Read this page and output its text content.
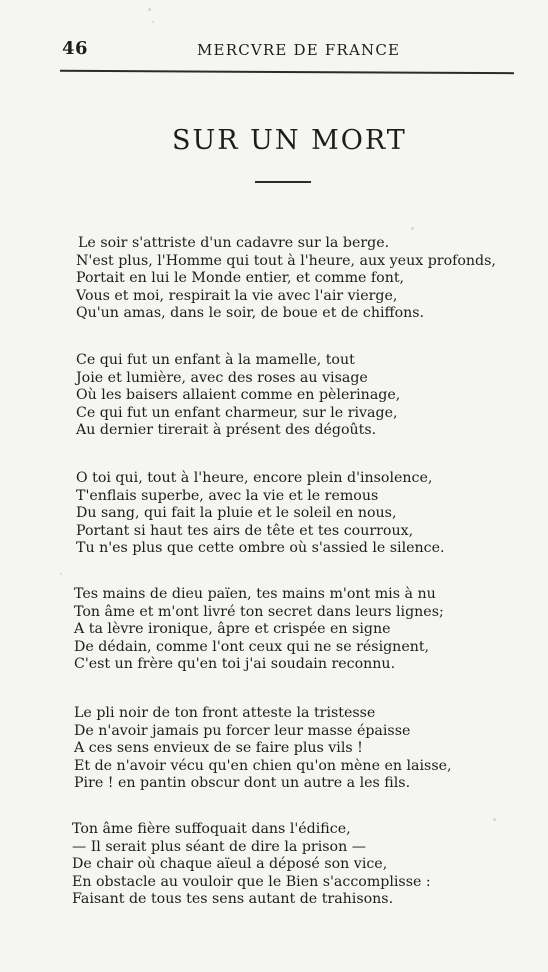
46	MERCVRE DE FRANCE
SUR UN MORT
Le soir s'attriste d'un cadavre sur la berge.
N'est plus, l'Homme qui tout à l'heure, aux yeux profonds,
Portait en lui le Monde entier, et comme font,
Vous et moi, respirait la vie avec l'air vierge,
Qu'un amas, dans le soir, de boue et de chiffons.
Ce qui fut un enfant à la mamelle, tout
Joie et lumière, avec des roses au visage
Où les baisers allaient comme en pèlerinage,
Ce qui fut un enfant charmeur, sur le rivage,
Au dernier tirerait à présent des dégoûts.
O toi qui, tout à l'heure, encore plein d'insolence,
T'enflais superbe, avec la vie et le remous
Du sang, qui fait la pluie et le soleil en nous,
Portant si haut tes airs de tête et tes courroux,
Tu n'es plus que cette ombre où s'assied le silence.
Tes mains de dieu païen, tes mains m'ont mis à nu
Ton âme et m'ont livré ton secret dans leurs lignes;
A ta lèvre ironique, âpre et crispée en signe
De dédain, comme l'ont ceux qui ne se résignent,
C'est un frère qu'en toi j'ai soudain reconnu.
Le pli noir de ton front atteste la tristesse
De n'avoir jamais pu forcer leur masse épaisse
A ces sens envieux de se faire plus vils !
Et de n'avoir vécu qu'en chien qu'on mène en laisse,
Pire ! en pantin obscur dont un autre a les fils.
Ton âme fière suffoquait dans l'édifice,
— Il serait plus séant de dire la prison —
De chair où chaque aïeul a déposé son vice,
En obstacle au vouloir que le Bien s'accomplisse :
Faisant de tous tes sens autant de trahisons.
